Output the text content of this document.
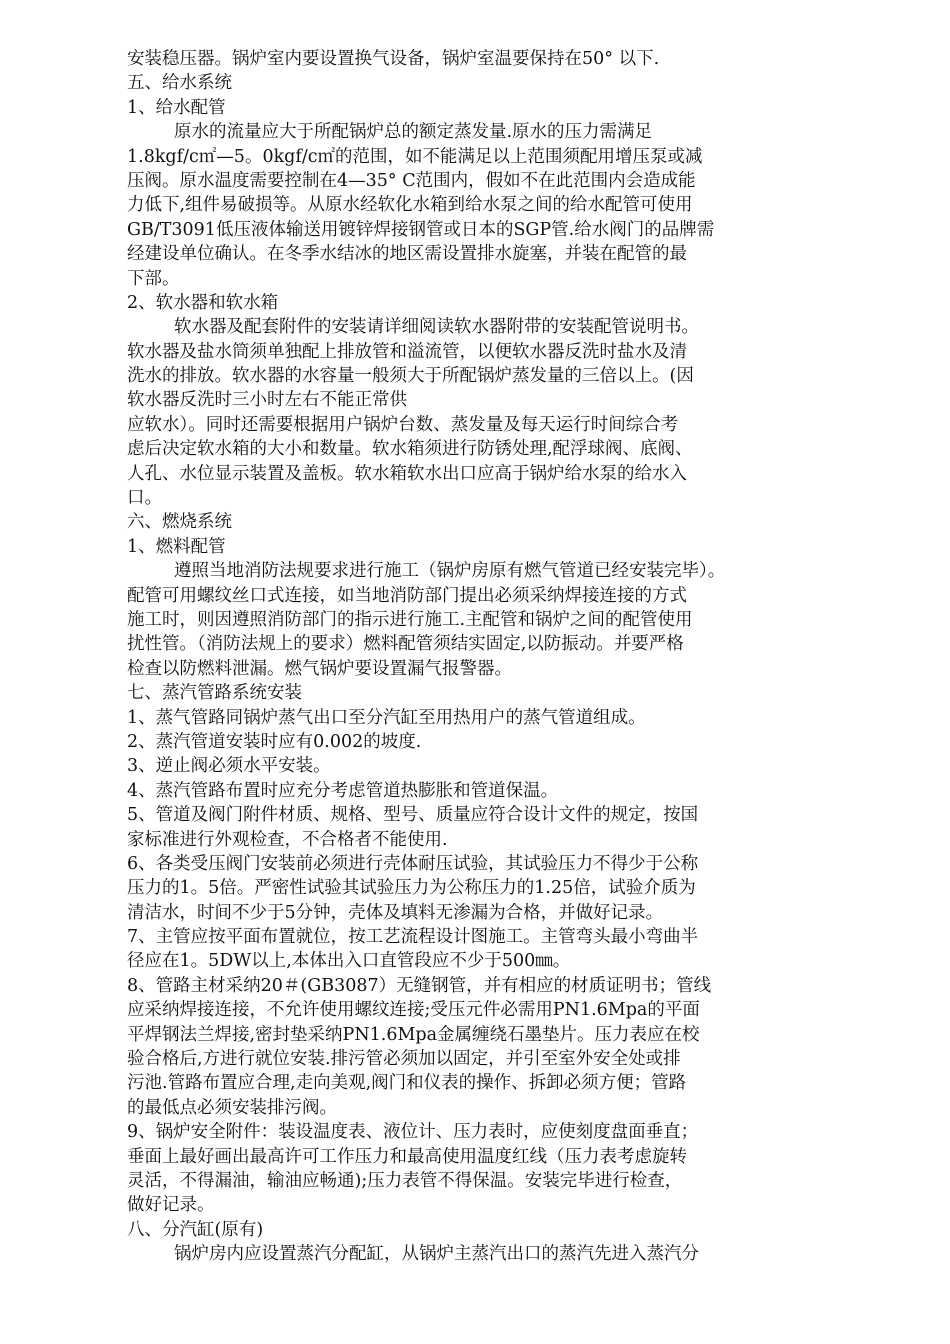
安装稳压器。锅炉室内要设置换气设备，锅炉室温要保持在50° 以下.
五、给水系统
1、给水配管
原水的流量应大于所配锅炉总的额定蒸发量.原水的压力需满足
1.8kgf/c㎡—5。0kgf/c㎡的范围，如不能满足以上范围须配用增压泵或减
压阀。原水温度需要控制在4—35° C范围内，假如不在此范围内会造成能
力低下,组件易破损等。从原水经软化水箱到给水泵之间的给水配管可使用
GB/T3091低压液体输送用镀锌焊接钢管或日本的SGP管.给水阀门的品牌需
经建设单位确认。在冬季水结冰的地区需设置排水旋塞，并装在配管的最
下部。
2、软水器和软水箱
软水器及配套附件的安装请详细阅读软水器附带的安装配管说明书。
软水器及盐水筒须单独配上排放管和溢流管，以便软水器反洗时盐水及清
洗水的排放。软水器的水容量一般须大于所配锅炉蒸发量的三倍以上。(因
软水器反洗时三小时左右不能正常供
应软水）。同时还需要根据用户锅炉台数、蒸发量及每天运行时间综合考
虑后决定软水箱的大小和数量。软水箱须进行防锈处理,配浮球阀、底阀、
人孔、水位显示装置及盖板。软水箱软水出口应高于锅炉给水泵的给水入
口。
六、燃烧系统
1、燃料配管
遵照当地消防法规要求进行施工（锅炉房原有燃气管道已经安装完毕）。
配管可用螺纹丝口式连接，如当地消防部门提出必须采纳焊接连接的方式
施工时，则因遵照消防部门的指示进行施工.主配管和锅炉之间的配管使用
扰性管。（消防法规上的要求）燃料配管须结实固定,以防振动。并要严格
检查以防燃料泄漏。燃气锅炉要设置漏气报警器。
七、蒸汽管路系统安装
1、蒸气管路同锅炉蒸气出口至分汽缸至用热用户的蒸气管道组成。
2、蒸汽管道安装时应有0.002的坡度.
3、逆止阀必须水平安装。
4、蒸汽管路布置时应充分考虑管道热膨胀和管道保温。
5、管道及阀门附件材质、规格、型号、质量应符合设计文件的规定，按国
家标准进行外观检查，不合格者不能使用.
6、各类受压阀门安装前必须进行壳体耐压试验，其试验压力不得少于公称
压力的1。5倍。严密性试验其试验压力为公称压力的1.25倍，试验介质为
清洁水，时间不少于5分钟，壳体及填料无渗漏为合格，并做好记录。
7、主管应按平面布置就位，按工艺流程设计图施工。主管弯头最小弯曲半
径应在1。5DW以上,本体出入口直管段应不少于500㎜。
8、管路主材采纳20＃(GB3087）无缝钢管，并有相应的材质证明书；管线
应采纳焊接连接，不允许使用螺纹连接;受压元件必需用PN1.6Mpa的平面
平焊钢法兰焊接,密封垫采纳PN1.6Mpa金属缠绕石墨垫片。压力表应在校
验合格后,方进行就位安装.排污管必须加以固定，并引至室外安全处或排
污池.管路布置应合理,走向美观,阀门和仪表的操作、拆卸必须方便；管路
的最低点必须安装排污阀。
9、锅炉安全附件：装设温度表、液位计、压力表时，应使刻度盘面垂直；
垂面上最好画出最高许可工作压力和最高使用温度红线（压力表考虑旋转
灵活，不得漏油，输油应畅通);压力表管不得保温。安装完毕进行检查，
做好记录。
八、分汽缸(原有)
锅炉房内应设置蒸汽分配缸，从锅炉主蒸汽出口的蒸汽先进入蒸汽分
